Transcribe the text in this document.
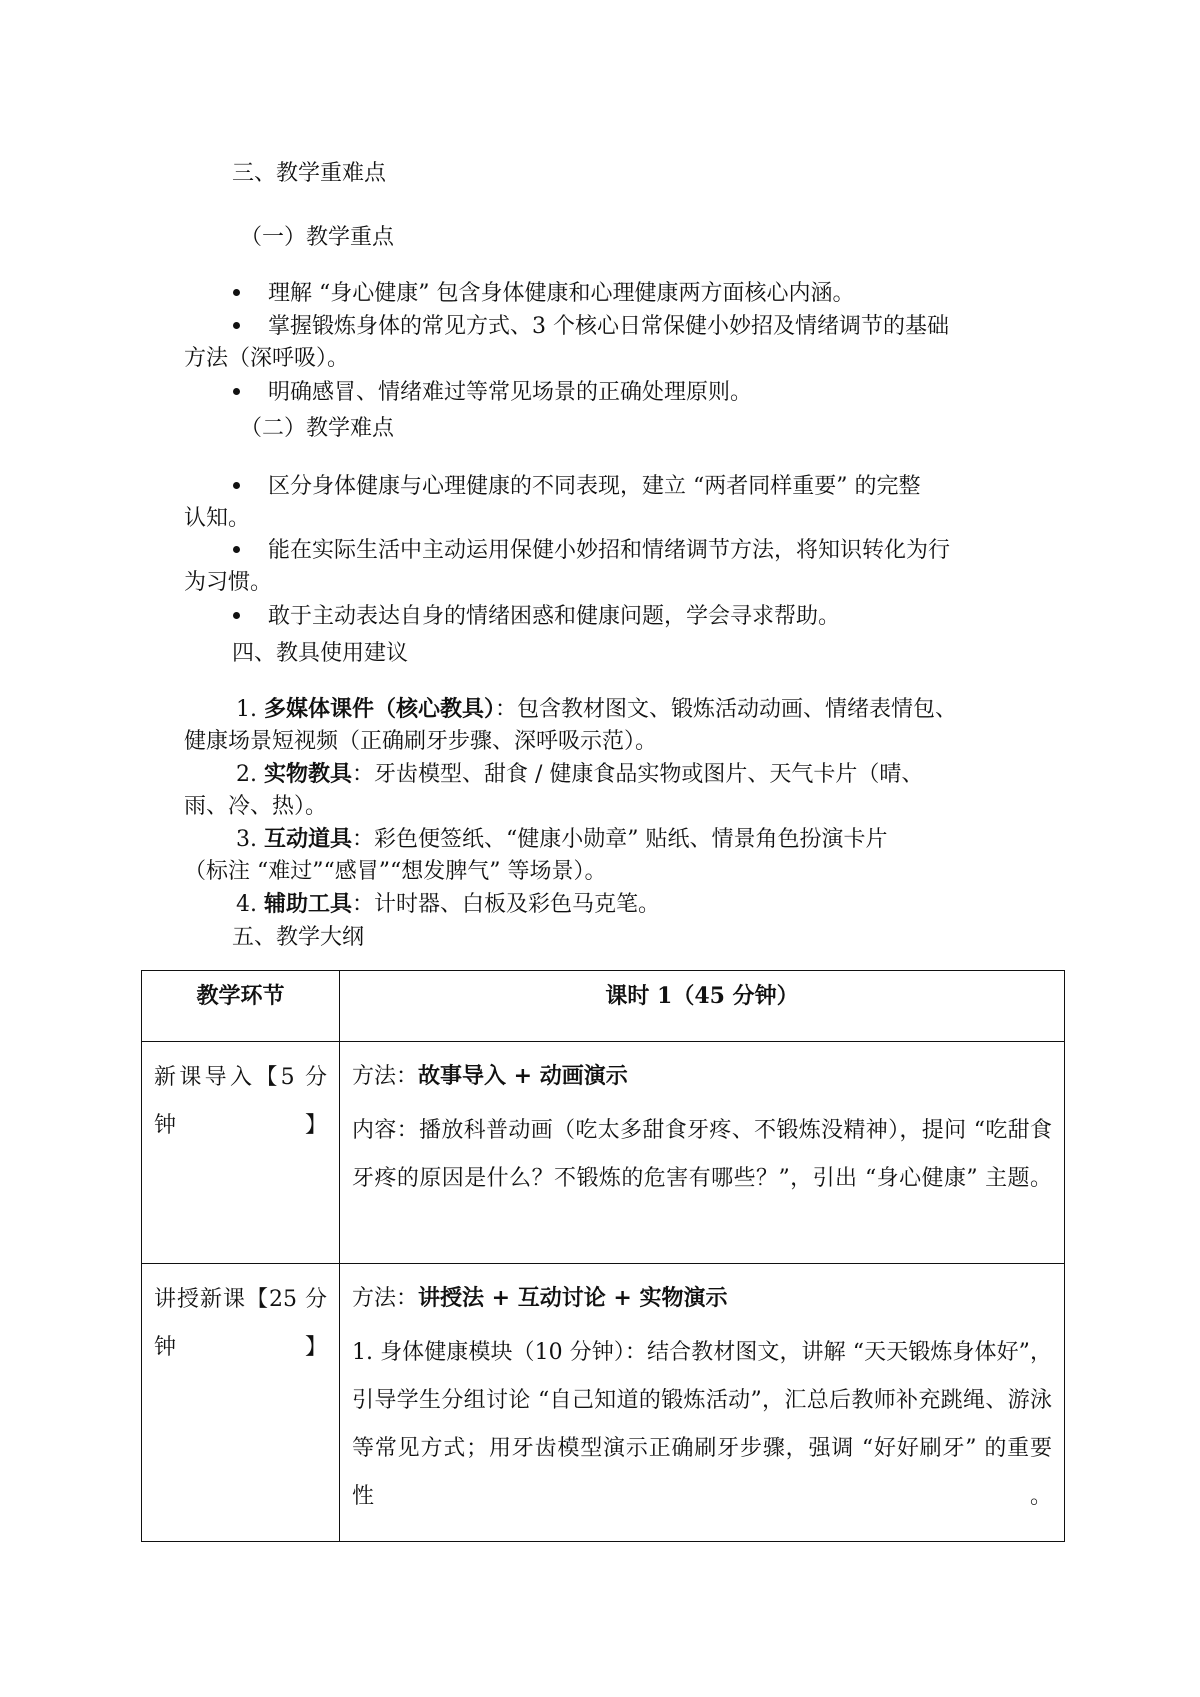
三、教学重难点
（一）教学重点
理解 “身心健康” 包含身体健康和心理健康两方面核心内涵。
掌握锻炼身体的常见方式、3 个核心日常保健小妙招及情绪调节的基础
方法（深呼吸）。
明确感冒、情绪难过等常见场景的正确处理原则。
（二）教学难点
区分身体健康与心理健康的不同表现，建立 “两者同样重要” 的完整
认知。
能在实际生活中主动运用保健小妙招和情绪调节方法，将知识转化为行
为习惯。
敢于主动表达自身的情绪困惑和健康问题，学会寻求帮助。
四、教具使用建议
1. 多媒体课件（核心教具）：包含教材图文、锻炼活动动画、情绪表情包、
健康场景短视频（正确刷牙步骤、深呼吸示范）。
2. 实物教具：牙齿模型、甜食 / 健康食品实物或图片、天气卡片（晴、
雨、冷、热）。
3. 互动道具：彩色便签纸、“健康小勋章” 贴纸、情景角色扮演卡片
（标注 “难过”“感冒”“想发脾气” 等场景）。
4. 辅助工具：计时器、白板及彩色马克笔。
五、教学大纲
教学环节	课时 1（45 分钟）

新课导入【5 分钟】	方法：故事导入 + 动画演示

内容：播放科普动画（吃太多甜食牙疼、不锻炼没精神），提问 “吃甜食牙疼的原因是什么？不锻炼的危害有哪些？”，引出 “身心健康” 主题。

讲授新课【25 分钟】	方法：讲授法 + 互动讨论 + 实物演示

1. 身体健康模块（10 分钟）：结合教材图文，讲解 “天天锻炼身体好”，引导学生分组讨论 “自己知道的锻炼活动”，汇总后教师补充跳绳、游泳等常见方式；用牙齿模型演示正确刷牙步骤，强调 “好好刷牙” 的重要性。
